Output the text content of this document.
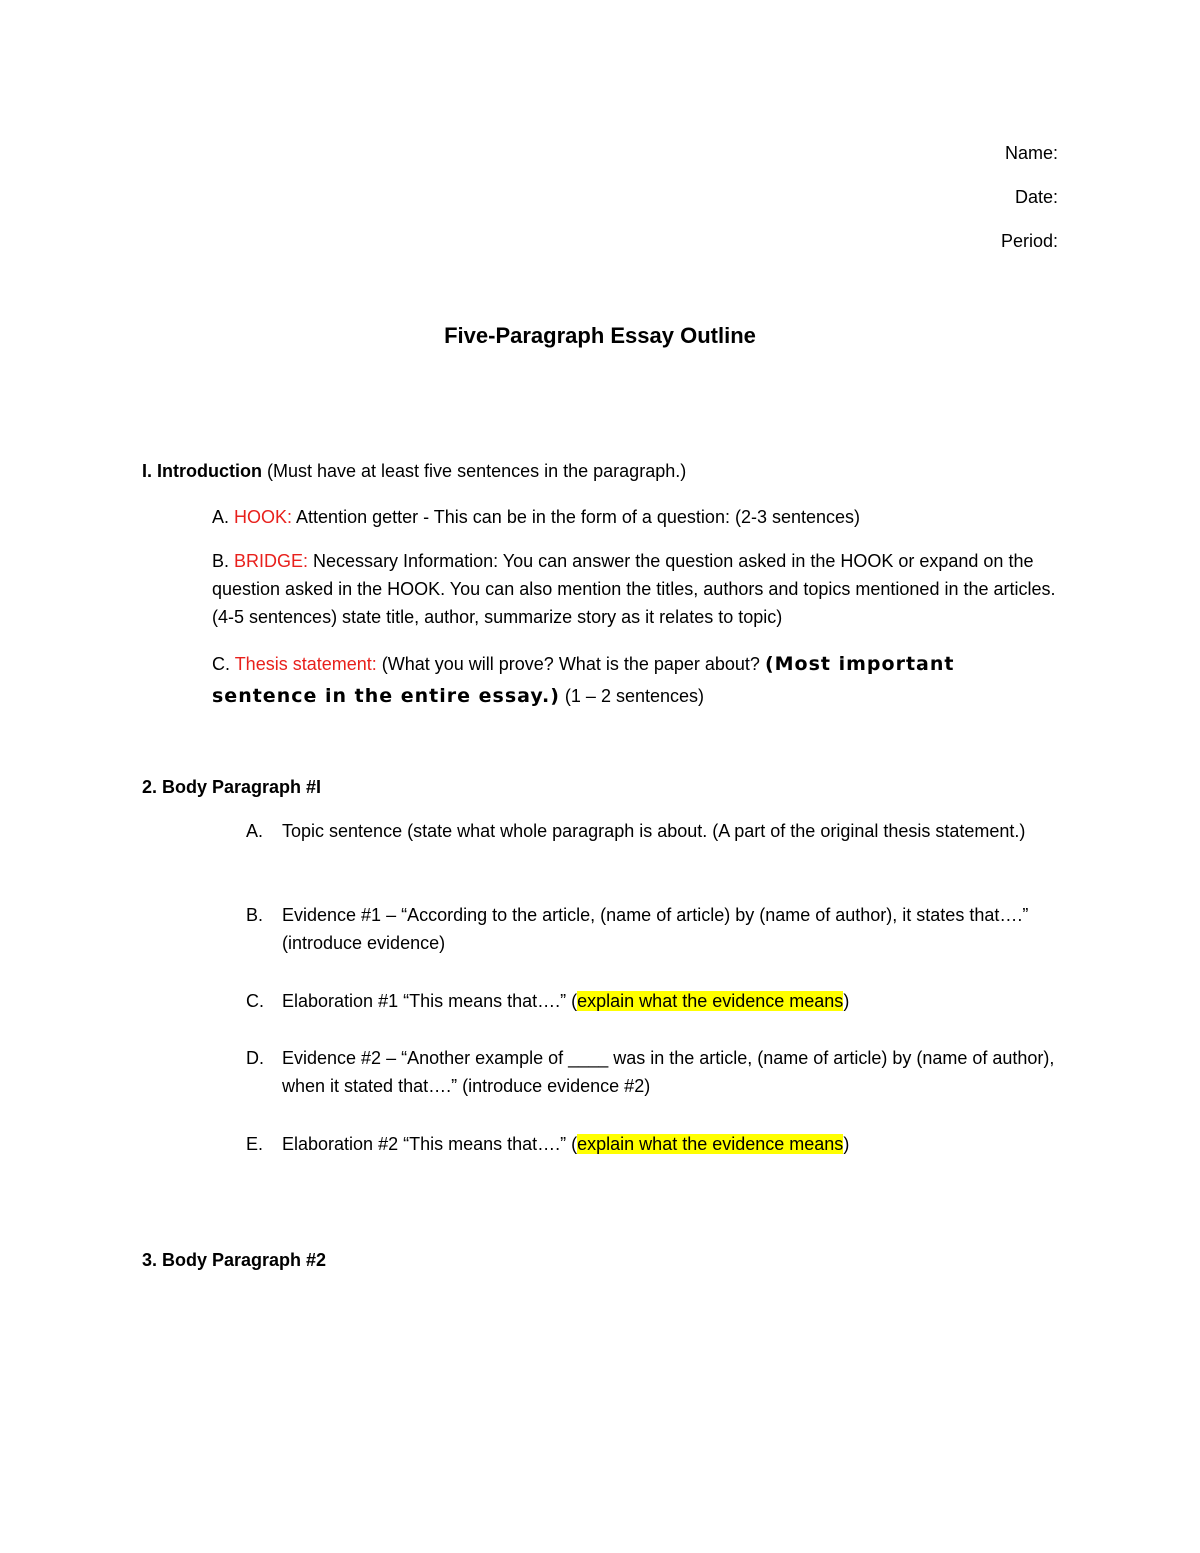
Name:
Date:
Period:
Five-Paragraph Essay Outline
I. Introduction (Must have at least five sentences in the paragraph.)
A. HOOK: Attention getter - This can be in the form of a question: (2-3 sentences)
B. BRIDGE: Necessary Information: You can answer the question asked in the HOOK or expand on the question asked in the HOOK. You can also mention the titles, authors and topics mentioned in the articles. (4-5 sentences) state title, author, summarize story as it relates to topic)
C. Thesis statement: (What you will prove? What is the paper about? (Most important sentence in the entire essay.) (1 – 2 sentences)
2. Body Paragraph #I
A. Topic sentence (state what whole paragraph is about. (A part of the original thesis statement.)
B. Evidence #1 – “According to the article, (name of article) by (name of author), it states that….” (introduce evidence)
C. Elaboration #1 “This means that….” (explain what the evidence means)
D. Evidence #2 – “Another example of ____ was in the article, (name of article) by (name of author), when it stated that….” (introduce evidence #2)
E. Elaboration #2 “This means that….” (explain what the evidence means)
3. Body Paragraph #2
